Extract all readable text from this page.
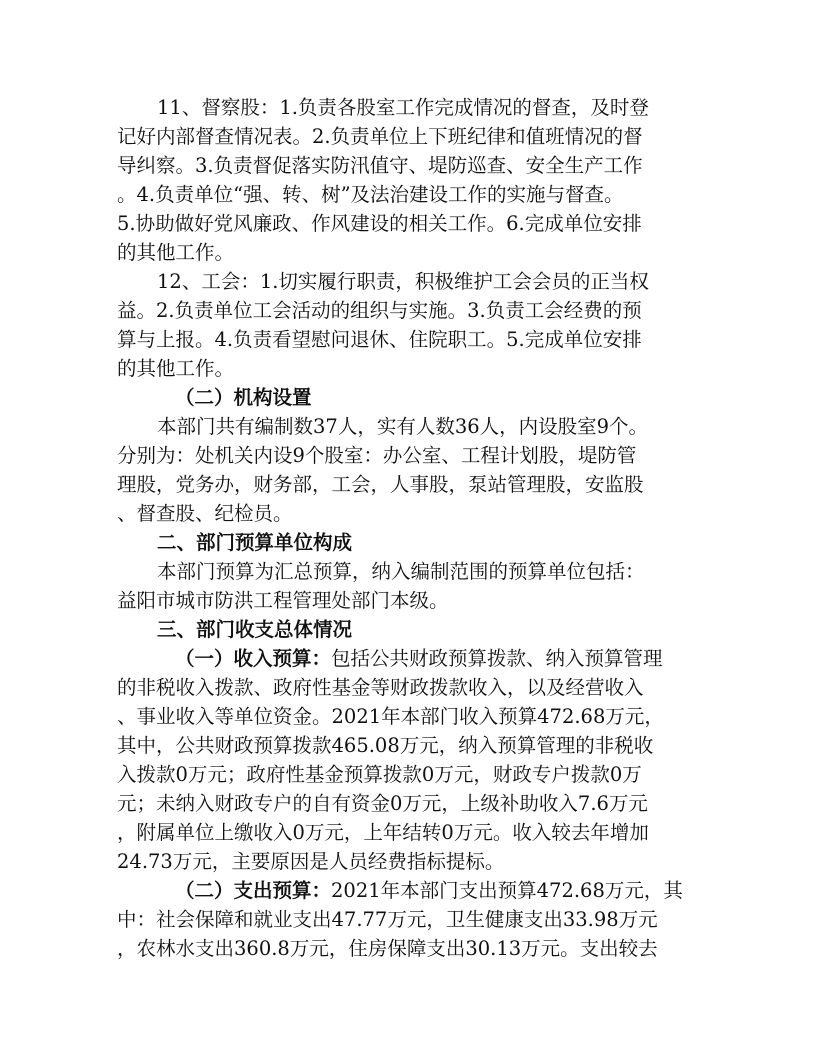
11、督察股：1.负责各股室工作完成情况的督查，及时登
记好内部督查情况表。2.负责单位上下班纪律和值班情况的督
导纠察。3.负责督促落实防汛值守、堤防巡查、安全生产工作
。4.负责单位“强、转、树”及法治建设工作的实施与督查。
5.协助做好党风廉政、作风建设的相关工作。6.完成单位安排
的其他工作。
12、工会：1.切实履行职责，积极维护工会会员的正当权
益。2.负责单位工会活动的组织与实施。3.负责工会经费的预
算与上报。4.负责看望慰问退休、住院职工。5.完成单位安排
的其他工作。
（二）机构设置
本部门共有编制数37人，实有人数36人，内设股室9个。
分别为：处机关内设9个股室：办公室、工程计划股，堤防管
理股，党务办，财务部，工会，人事股，泵站管理股，安监股
、督查股、纪检员。
二、部门预算单位构成
本部门预算为汇总预算，纳入编制范围的预算单位包括：
益阳市城市防洪工程管理处部门本级。
三、部门收支总体情况
（一）收入预算：包括公共财政预算拨款、纳入预算管理
的非税收入拨款、政府性基金等财政拨款收入，以及经营收入
、事业收入等单位资金。2021年本部门收入预算472.68万元，
其中，公共财政预算拨款465.08万元，纳入预算管理的非税收
入拨款0万元；政府性基金预算拨款0万元，财政专户拨款0万
元；未纳入财政专户的自有资金0万元，上级补助收入7.6万元
，附属单位上缴收入0万元，上年结转0万元。收入较去年增加
24.73万元，主要原因是人员经费指标提标。
（二）支出预算：2021年本部门支出预算472.68万元，其
中：社会保障和就业支出47.77万元，卫生健康支出33.98万元
，农林水支出360.8万元，住房保障支出30.13万元。支出较去
